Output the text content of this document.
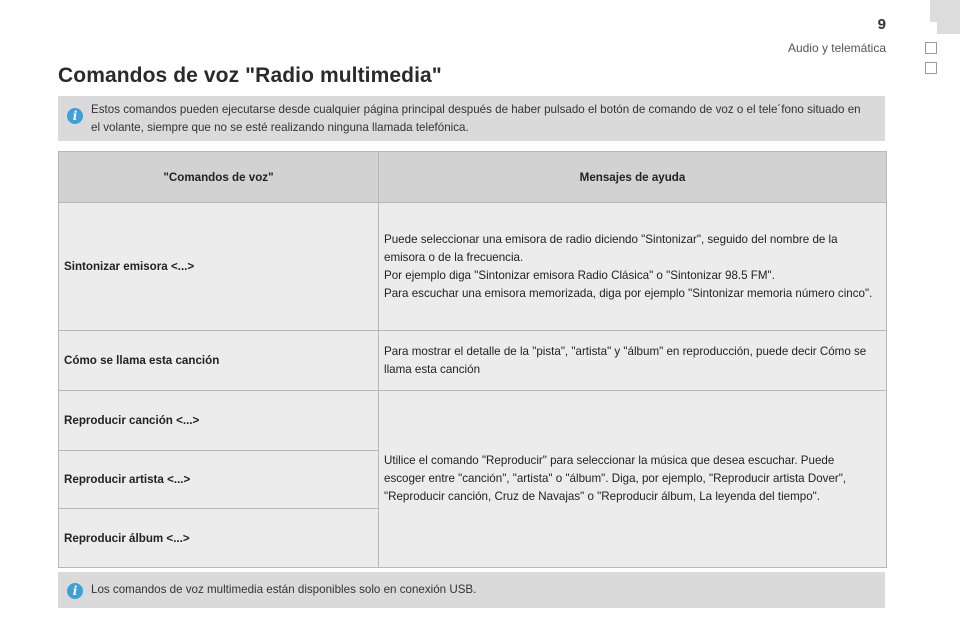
9
Audio y telemática
Comandos de voz "Radio multimedia"
i	Estos comandos pueden ejecutarse desde cualquier página principal después de haber pulsado el botón de comando de voz o el tele´fono situado en el volante, siempre que no se esté realizando ninguna llamada telefónica.
"Comandos de voz"	Mensajes de ayuda
Sintonizar emisora <...>	Puede seleccionar una emisora de radio diciendo "Sintonizar", seguido del nombre de la emisora o de la frecuencia.
Por ejemplo diga "Sintonizar emisora Radio Clásica" o "Sintonizar 98.5 FM".
Para escuchar una emisora memorizada, diga por ejemplo "Sintonizar memoria número cinco".

Cómo se llama esta canción	Para mostrar el detalle de la "pista", "artista" y "álbum" en reproducción, puede decir Cómo se llama esta canción
Reproducir canción <...>	Utilice el comando "Reproducir" para seleccionar la música que desea escuchar. Puede escoger entre "canción", "artista" o "álbum". Diga, por ejemplo, "Reproducir artista Dover", "Reproducir canción, Cruz de Navajas" o "Reproducir álbum, La leyenda del tiempo".
Reproducir artista <...>	
Reproducir álbum <...>	
i	Los comandos de voz multimedia están disponibles solo en conexión USB.
